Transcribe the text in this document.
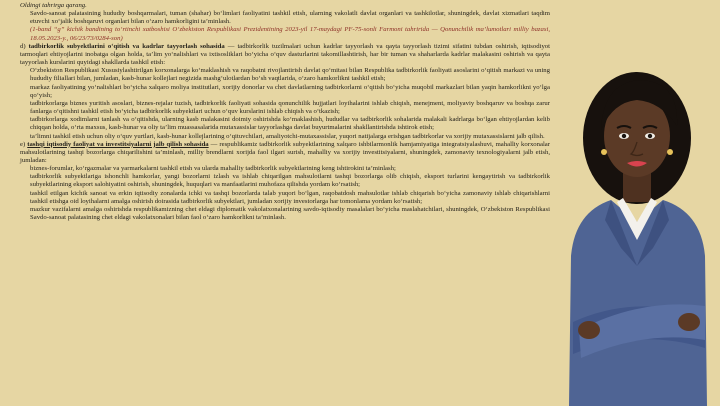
Oldingi tahrirga qarang.

Savdo-sanoat palatasining hududiy boshqarmalari, tuman (shahar) bo‘limlari faoliyatini tashkil etish, ularning vakolatli davlat organlari va tashkilotlar, shuningdek, davlat xizmatlari taqdim etuvchi xo‘jalik boshqaruvi organlari bilan o‘zaro hamkorligini ta’minlash.

(1-band “g” kichik bandining to‘rtinchi xatboshisi O‘zbekiston Respublikasi Prezidentining 2023-yil 17-maydagi PF-75-sonli Farmoni tahririda — Qonunchilik ma’lumotlari milliy bazasi, 18.05.2023-y., 06/23/73/0284-son)

d) tadbirkorlik subyektlarini o‘qitish va kadrlar tayyorlash sohasida — tadbirkorlik tuzilmalari uchun kadrlar tayyorlash va qayta tayyorlash tizimi sifatini tubdan oshirish, iqtisodiyot tarmoqlari ehtiyojlarini inobatga olgan holda, ta’lim yo‘nalishlari va ixtisosliklari bo‘yicha o‘quv dasturlarini takomillashtirish, har bir tuman va shaharlarda kadrlar malakasini oshirish va qayta tayyorlash kurslarini quyidagi shakllarda tashkil etish:

O‘zbekiston Respublikasi Xususiylashtirilgan korxonalarga ko‘maklashish va raqobatni rivojlantirish davlat qo‘mitasi bilan Respublika tadbirkorlik faoliyati asoslarini o‘qitish markazi va uning hududiy filiallari bilan, jumladan, kasb-hunar kollejlari negizida mashg‘ulotlardan bo‘sh vaqtlarida, o‘zaro hamkorlikni tashkil etish;

markaz faoliyatining yo‘nalishlari bo‘yicha xalqaro moliya institutlari, xorijiy donorlar va chet davlatlarning tadbirkorlarni o‘qitish bo‘yicha muqobil markazlari bilan yaqin hamkorlikni yo‘lga qo‘yish;

tadbirkorlarga biznes yuritish asoslari, biznes-rejalar tuzish, tadbirkorlik faoliyati sohasida qonunchilik hujjatlari loyihalarini ishlab chiqish, menejment, moliyaviy boshqaruv va boshqa zarur fanlarga o‘qitishni tashkil etish bo‘yicha tadbirkorlik subyektlari uchun o‘quv kurslarini ishlab chiqish va o‘tkazish;

tadbirkorlarga xodimlarni tanlash va o‘qitishda, ularning kasb malakasini doimiy oshirishda ko‘maklashish, hududlar va tadbirkorlik sohalarida malakali kadrlarga bo‘lgan ehtiyojlardan kelib chiqqan holda, o‘rta maxsus, kasb-hunar va oliy ta’lim muassasalarida mutaxassislar tayyorlashga davlat buyurtmalarini shakllantirishda ishtirok etish;

ta’limni tashkil etish uchun oliy o‘quv yurtlari, kasb-hunar kollejlarining o‘qituvchilari, amaliyotchi-mutaxassislar, yuqori natijalarga erishgan tadbirkorlar va xorijiy mutaxassislarni jalb qilish.

e) tashqi iqtisodiy faoliyat va investitsiyalarni jalb qilish sohasida — respublikamiz tadbirkorlik subyektlarining xalqaro ishbilarmonlik hamjamiyatiga integratsiyalashuvi, mahalliy korxonalar mahsulotlarining tashqi bozorlarga chiqarilishini ta’minlash, milliy brendlarni xorijda faol ilgari surish, mahalliy va xorijiy investitsiyalarni, shuningdek, zamonaviy texnologiyalarni jalb etish, jumladan:

biznes-forumlar, ko‘rgazmalar va yarmarkalarni tashkil etish va ularda mahalliy tadbirkorlik subyektlarining keng ishtirokini ta’minlash;

tadbirkorlik subyektlariga ishonchli hamkorlar, yangi bozorlarni izlash va ishlab chiqarilgan mahsulotlarni tashqi bozorlarga olib chiqish, eksport turlarini kengaytirish va tadbirkorlik subyektlarining eksport salohiyatini oshirish, shuningdek, huquqlari va manfaatlarini muhofaza qilishda yordam ko‘rsatish;

tashkil etilgan kichik sanoat va erkin iqtisodiy zonalarda ichki va tashqi bozorlarda talab yuqori bo‘lgan, raqobatdosh mahsulotlar ishlab chiqarish bo‘yicha zamonaviy ishlab chiqarishlarni tashkil etishga oid loyihalarni amalga oshirish doirasida tadbirkorlik subyektlari, jumladan xorijiy investorlarga har tomonlama yordam ko‘rsatish;

mazkur vazifalarni amalga oshirishda respublikamizning chet eldagi diplomatik vakolatxonalarining savdo-iqtisodiy masalalari bo‘yicha maslahatchilari, shuningdek, O‘zbekiston Respublikasi Savdo-sanoat palatasining chet eldagi vakolatxonalari bilan faol o‘zaro hamkorlikni ta’minlash.
